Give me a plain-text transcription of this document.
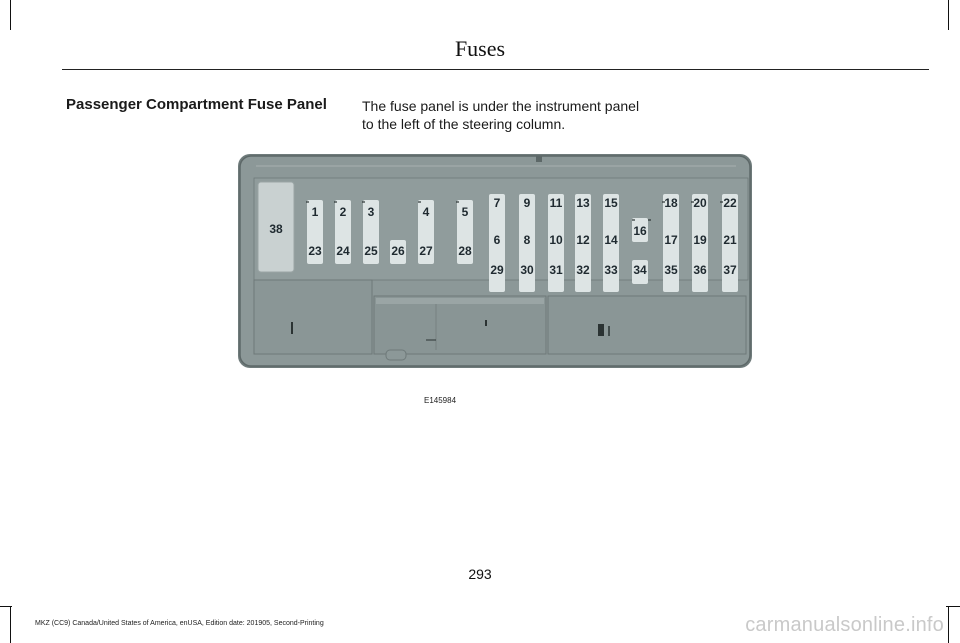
Fuses
Passenger Compartment Fuse Panel	The fuse panel is under the instrument panel to the left of the steering column.
1 2 3	4	5
6
7
8
9
10
11
12
13
14
15
16
17
18
19
20
21
22
23 24 25 26 27 28
29 30 31 32 33 34 35 36 37
38
E145984
293
MKZ (CC9) Canada/United States of America, enUSA, Edition date: 201905, Second-Printing	carmanualsonline.info
